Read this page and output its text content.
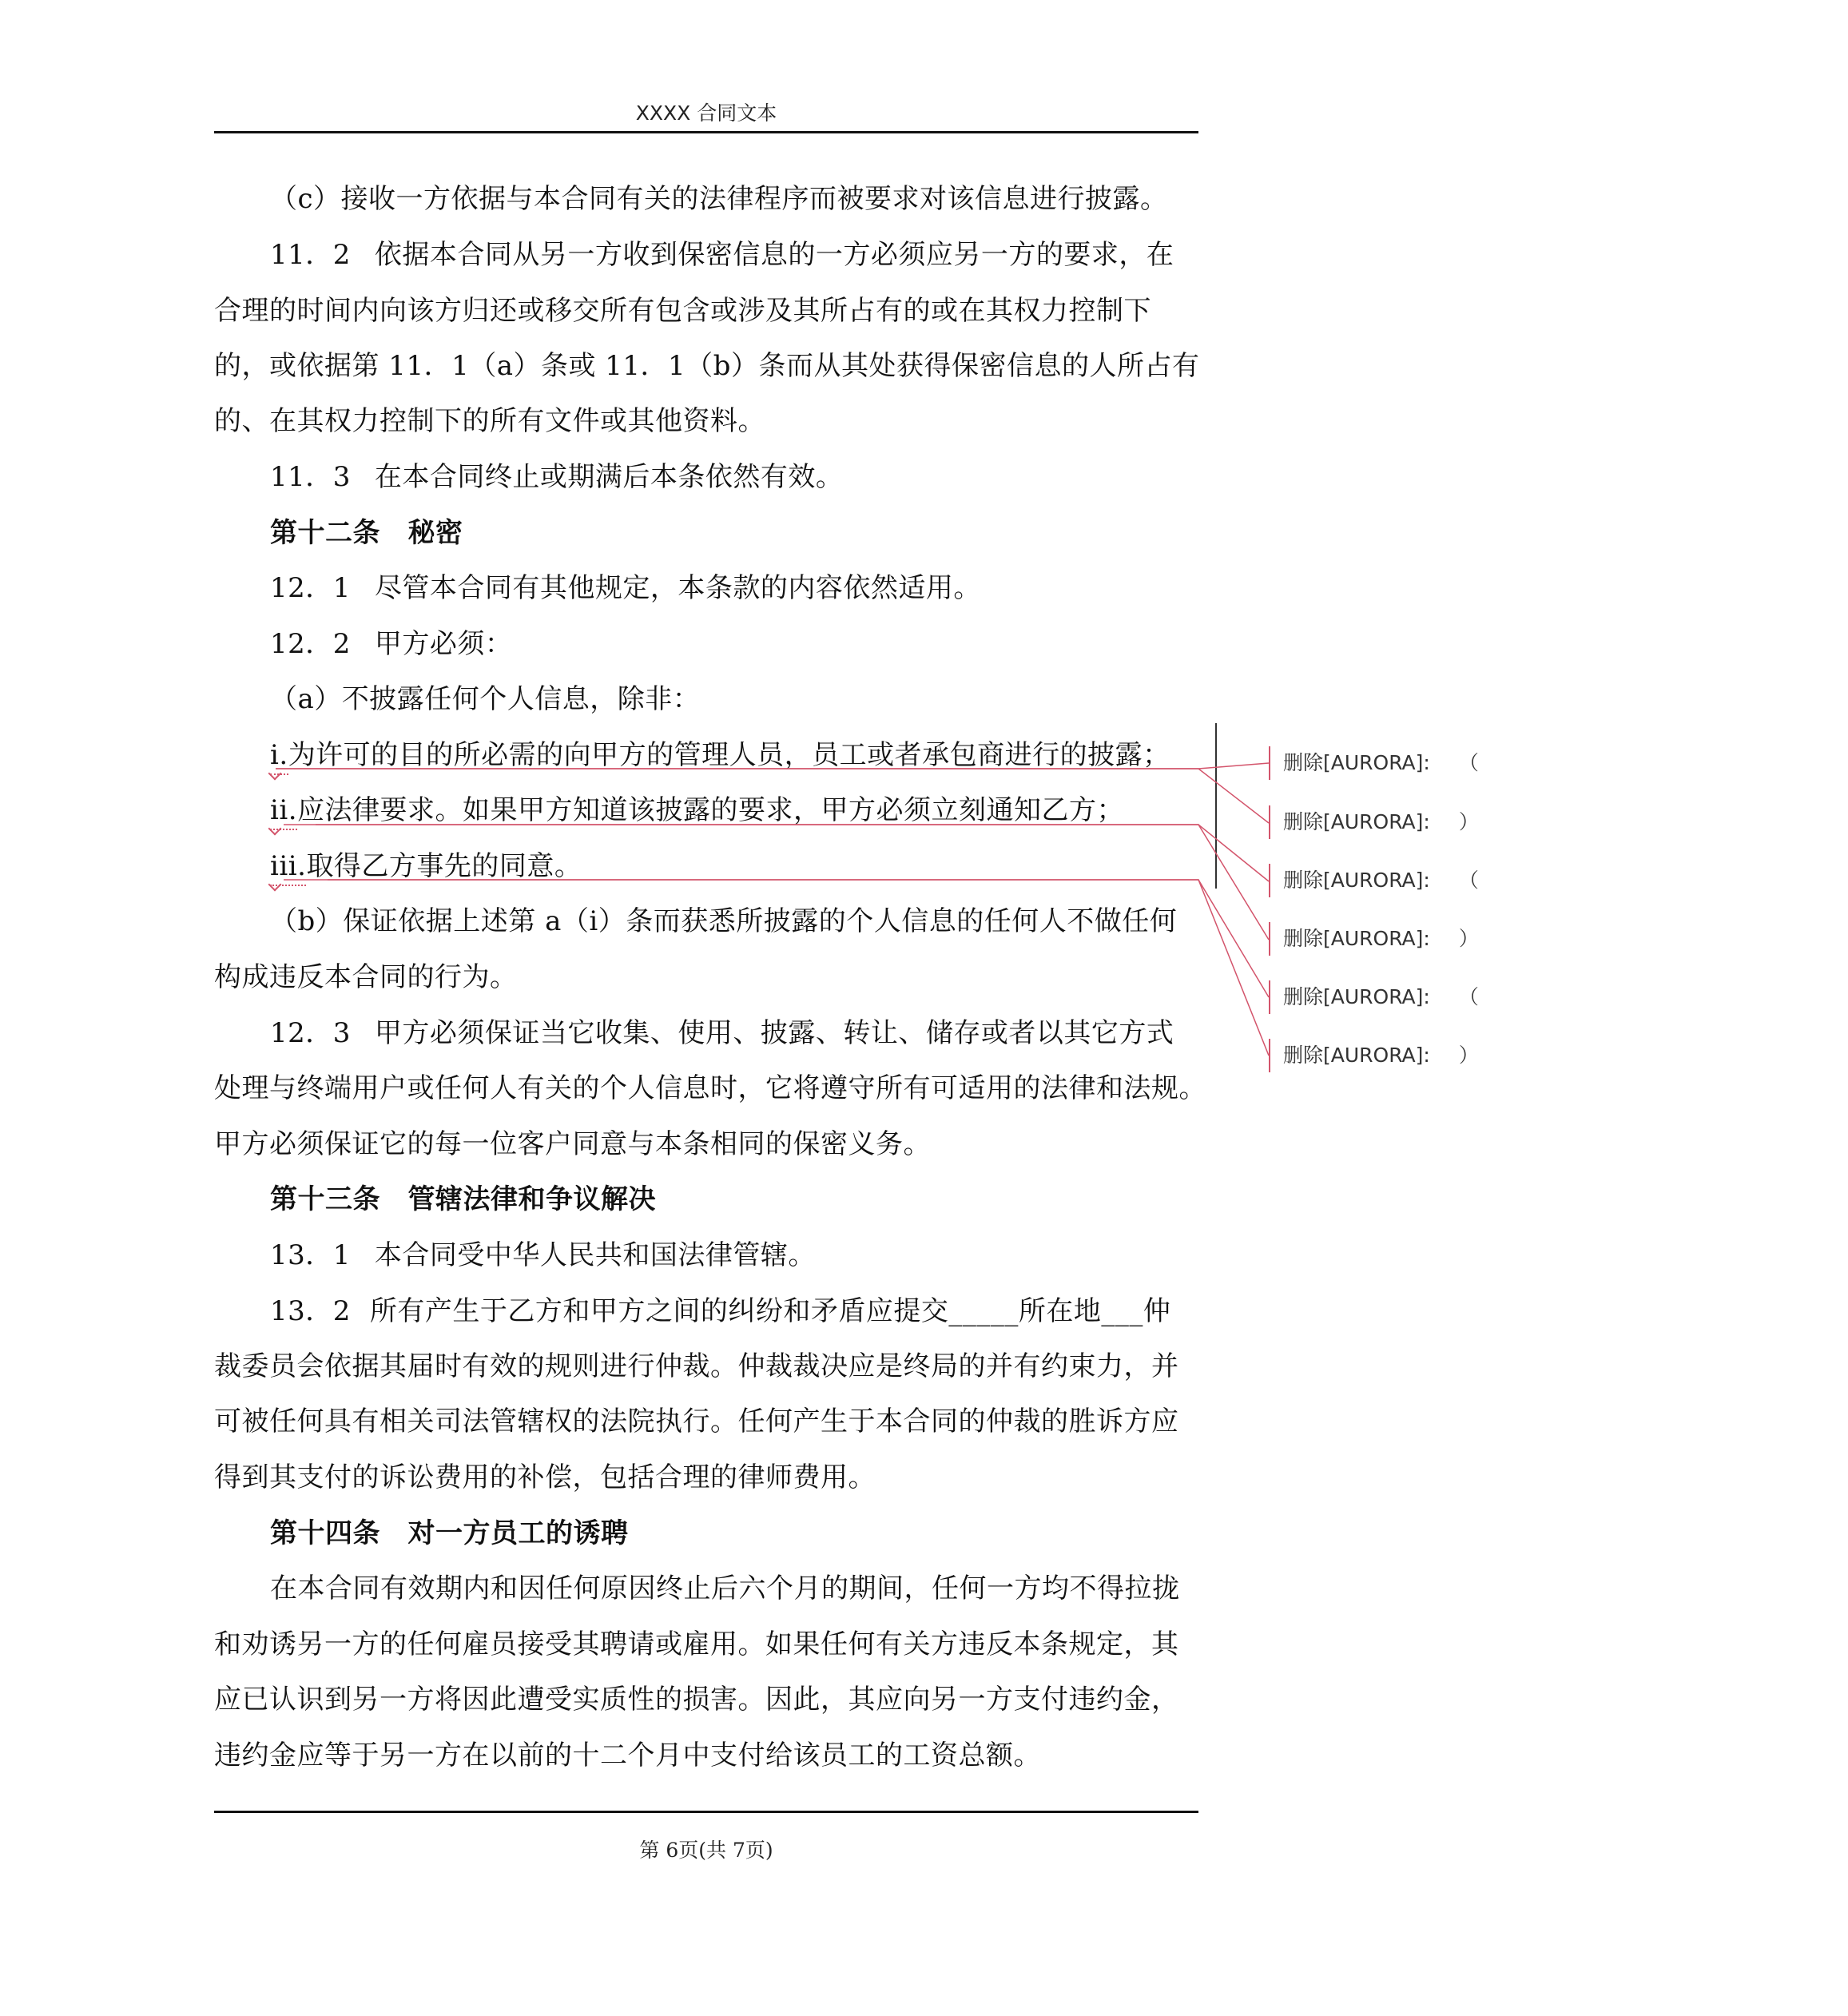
XXXX 合同文本
（c）接收一方依据与本合同有关的法律程序而被要求对该信息进行披露。
11．2 依据本合同从另一方收到保密信息的一方必须应另一方的要求，在
合理的时间内向该方归还或移交所有包含或涉及其所占有的或在其权力控制下
的，或依据第 11．1（a）条或 11．1（b）条而从其处获得保密信息的人所占有
的、在其权力控制下的所有文件或其他资料。
11．3 在本合同终止或期满后本条依然有效。
第十二条　秘密
12．1 尽管本合同有其他规定，本条款的内容依然适用。
12．2 甲方必须：
（a）不披露任何个人信息，除非：
i.为许可的目的所必需的向甲方的管理人员，员工或者承包商进行的披露；
ii.应法律要求。如果甲方知道该披露的要求，甲方必须立刻通知乙方；
iii.取得乙方事先的同意。
（b）保证依据上述第 a（i）条而获悉所披露的个人信息的任何人不做任何
构成违反本合同的行为。
12．3 甲方必须保证当它收集、使用、披露、转让、储存或者以其它方式
处理与终端用户或任何人有关的个人信息时，它将遵守所有可适用的法律和法规。
甲方必须保证它的每一位客户同意与本条相同的保密义务。
第十三条　管辖法律和争议解决
13．1 本合同受中华人民共和国法律管辖。
13．2 所有产生于乙方和甲方之间的纠纷和矛盾应提交_____所在地___仲
裁委员会依据其届时有效的规则进行仲裁。仲裁裁决应是终局的并有约束力，并
可被任何具有相关司法管辖权的法院执行。任何产生于本合同的仲裁的胜诉方应
得到其支付的诉讼费用的补偿，包括合理的律师费用。
第十四条　对一方员工的诱聘
在本合同有效期内和因任何原因终止后六个月的期间，任何一方均不得拉拢
和劝诱另一方的任何雇员接受其聘请或雇用。如果任何有关方违反本条规定，其
应已认识到另一方将因此遭受实质性的损害。因此，其应向另一方支付违约金，
违约金应等于另一方在以前的十二个月中支付给该员工的工资总额。
删除[AURORA]: （
删除[AURORA]: ）
删除[AURORA]: （
删除[AURORA]: ）
删除[AURORA]: （
删除[AURORA]: ）
第 6页(共 7页)
